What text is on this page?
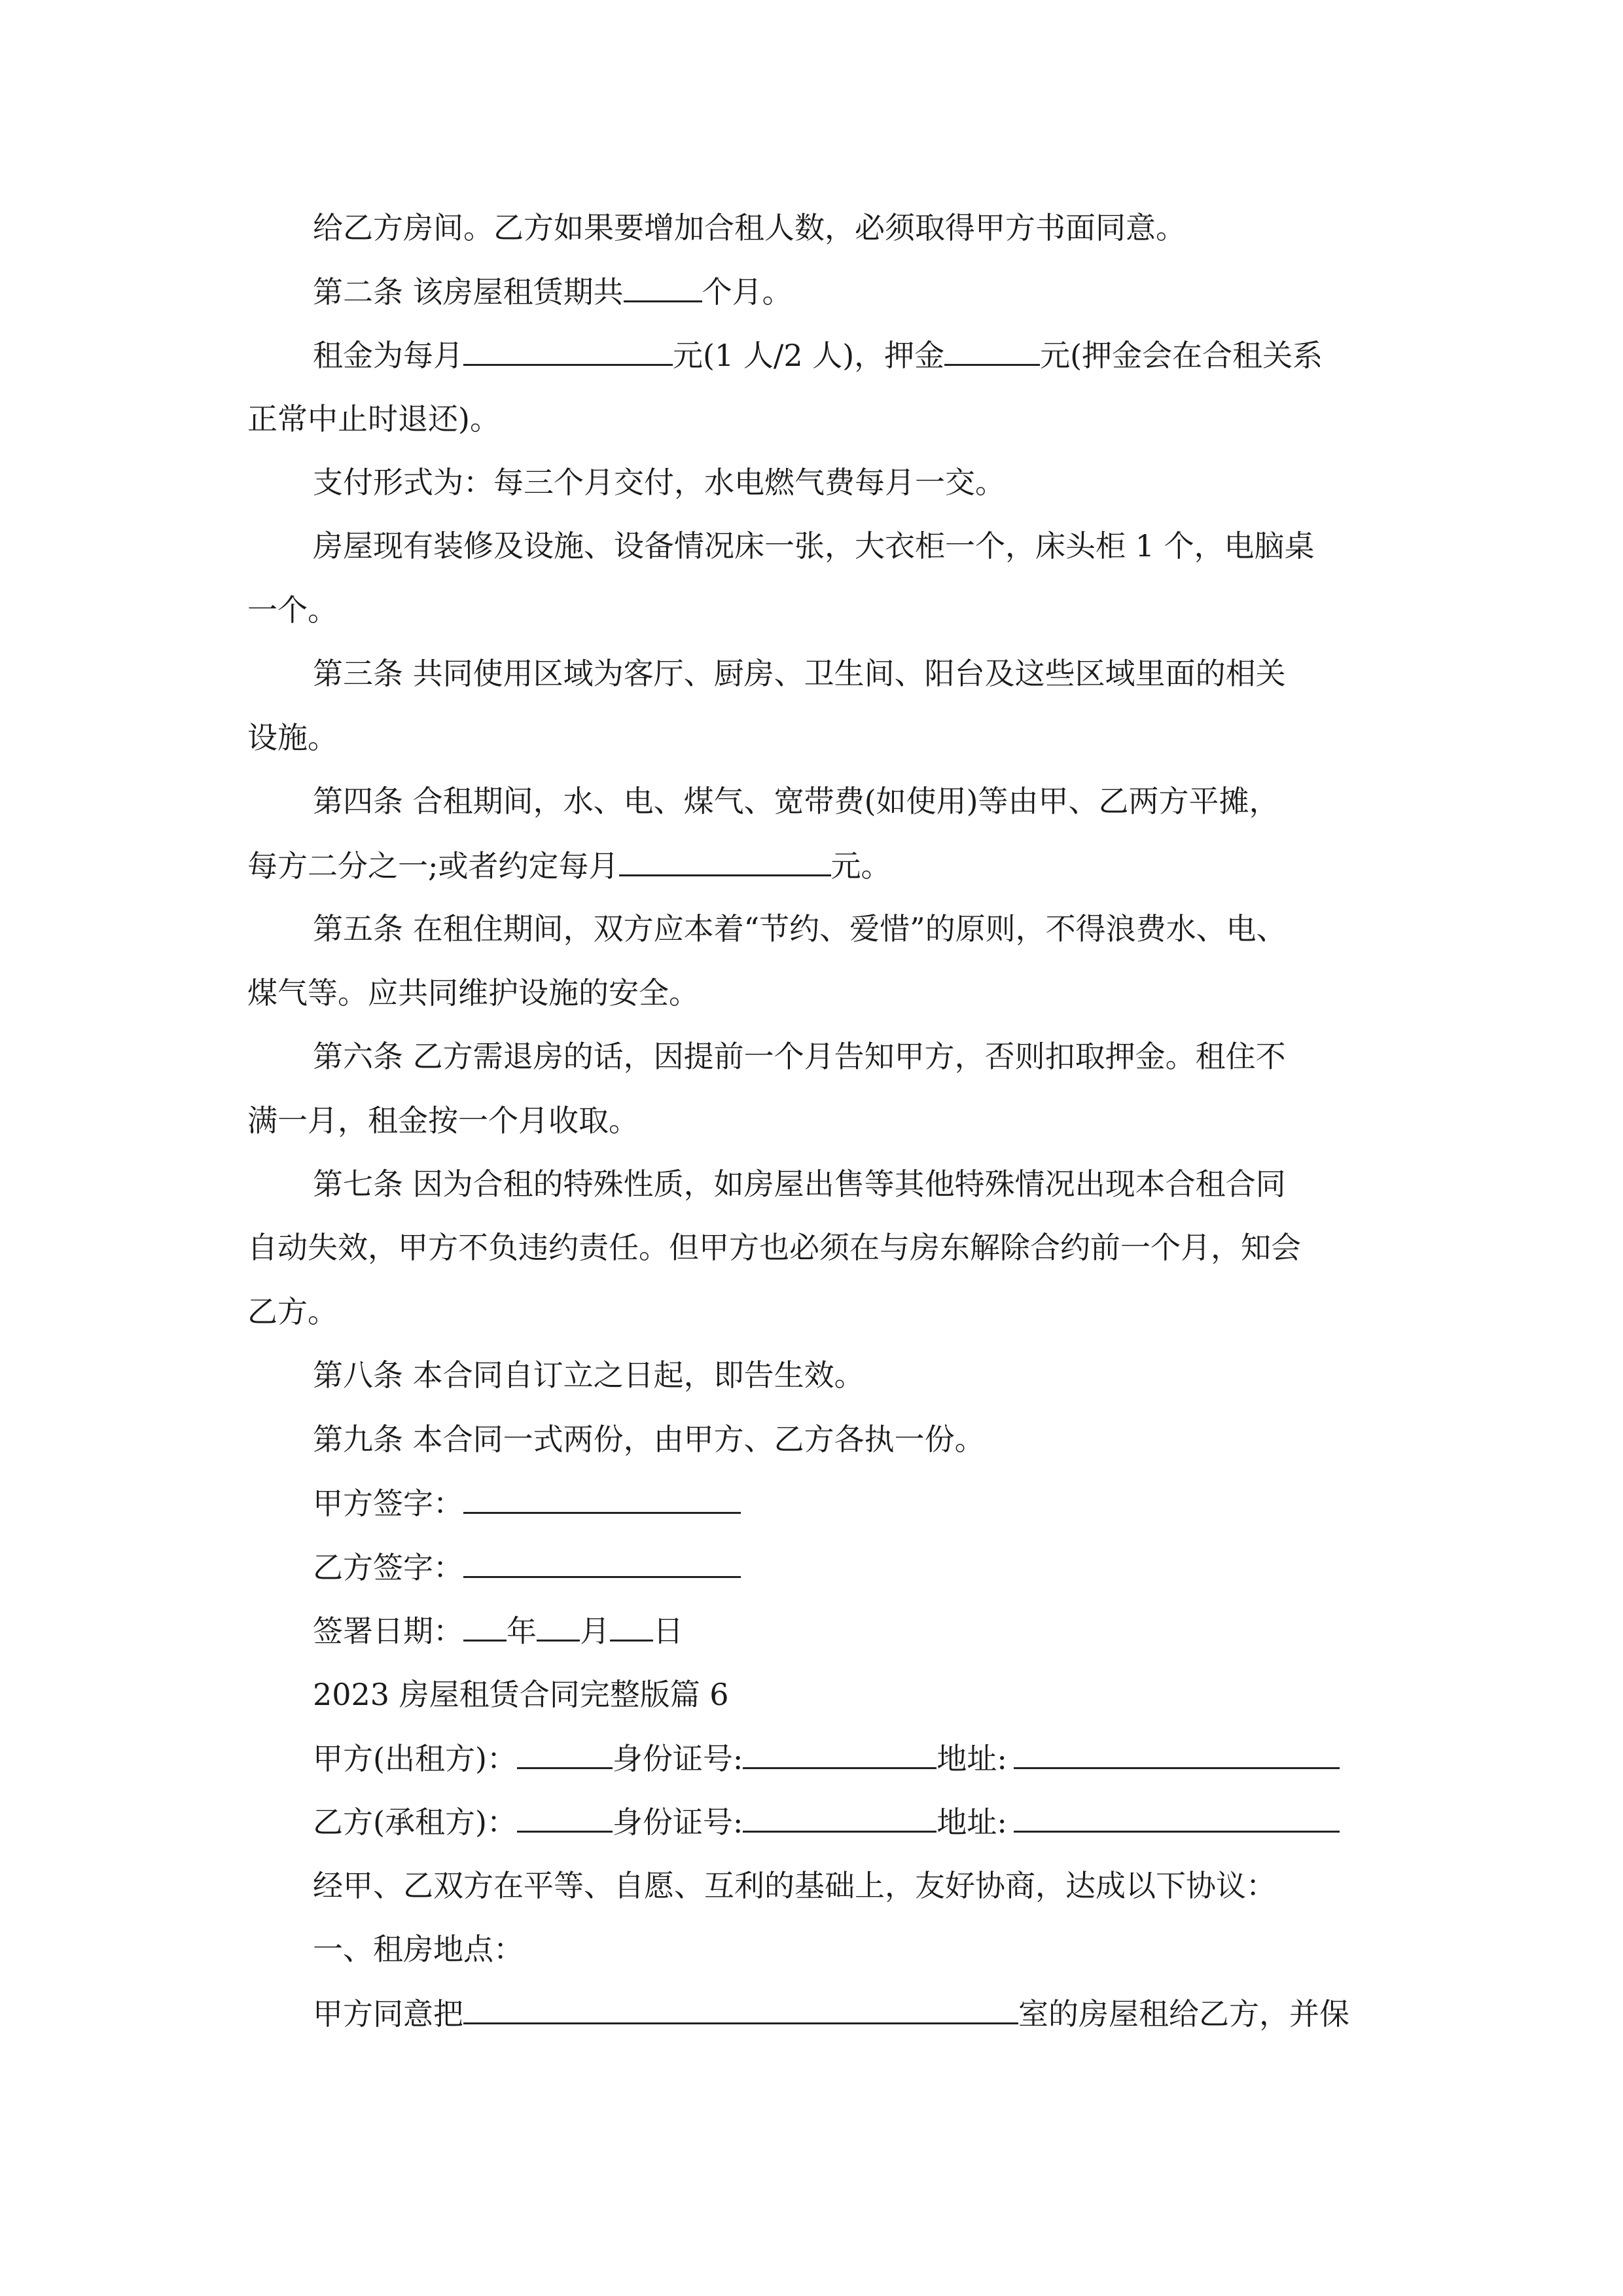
给乙方房间。乙方如果要增加合租人数，必须取得甲方书面同意。
第二条 该房屋租赁期共	个月。
租金为每月	元(1 人/2 人)，押金	元(押金会在合租关系
正常中止时退还)。
支付形式为：每三个月交付，水电燃气费每月一交。
房屋现有装修及设施、设备情况床一张，大衣柜一个，床头柜 1 个，电脑桌
一个。
第三条 共同使用区域为客厅、厨房、卫生间、阳台及这些区域里面的相关
设施。
第四条 合租期间，水、电、煤气、宽带费(如使用)等由甲、乙两方平摊，
每方二分之一;或者约定每月	元。
第五条 在租住期间，双方应本着“节约、爱惜”的原则，不得浪费水、电、
煤气等。应共同维护设施的安全。
第六条 乙方需退房的话，因提前一个月告知甲方，否则扣取押金。租住不
满一月，租金按一个月收取。
第七条 因为合租的特殊性质，如房屋出售等其他特殊情况出现本合租合同
自动失效，甲方不负违约责任。但甲方也必须在与房东解除合约前一个月，知会
乙方。
第八条 本合同自订立之日起，即告生效。
第九条 本合同一式两份，由甲方、乙方各执一份。
甲方签字：
乙方签字：
签署日期： 年 月 日
2023 房屋租赁合同完整版篇 6
甲方(出租方)：	身份证号:	地址:
乙方(承租方)：	身份证号:	地址:
经甲、乙双方在平等、自愿、互利的基础上，友好协商，达成以下协议：
一、租房地点：
甲方同意把	室的房屋租给乙方，并保
